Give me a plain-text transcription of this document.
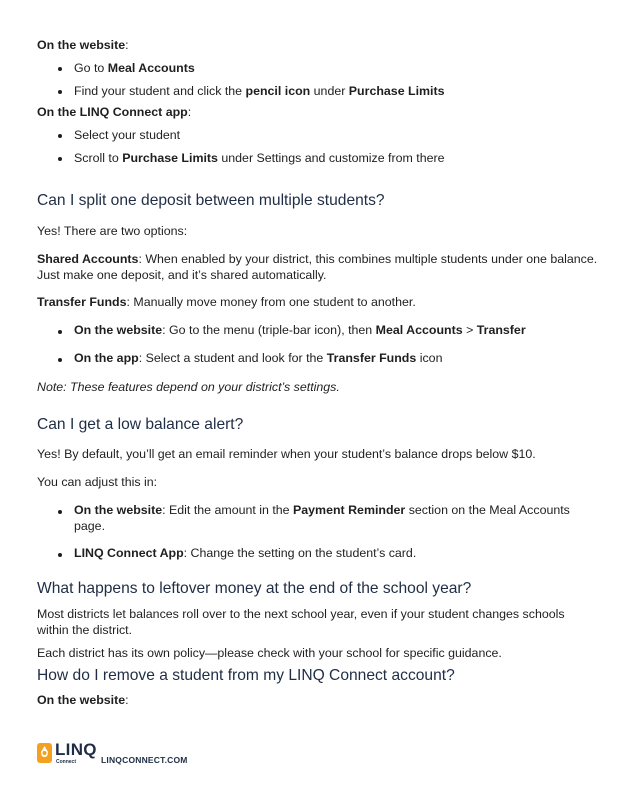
On the website:

Go to Meal Accounts

Find your student and click the pencil icon under Purchase Limits

On the LINQ Connect app:

Select your student

Scroll to Purchase Limits under Settings and customize from there

Can I split one deposit between multiple students?

Yes! There are two options:

Shared Accounts: When enabled by your district, this combines multiple students under one balance.

Just make one deposit, and it’s shared automatically.

Transfer Funds: Manually move money from one student to another.

On the website: Go to the menu (triple-bar icon), then Meal Accounts > Transfer

On the app: Select a student and look for the Transfer Funds icon

Note: These features depend on your district’s settings.

Can I get a low balance alert?

Yes! By default, you’ll get an email reminder when your student’s balance drops below $10.

You can adjust this in:

On the website: Edit the amount in the Payment Reminder section on the Meal Accounts

page.

LINQ Connect App: Change the setting on the student’s card.

What happens to leftover money at the end of the school year?

Most districts let balances roll over to the next school year, even if your student changes schools

within the district.

Each district has its own policy—please check with your school for specific guidance.

How do I remove a student from my LINQ Connect account?

On the website:

LINQ
Connect	LINQCONNECT.COM
